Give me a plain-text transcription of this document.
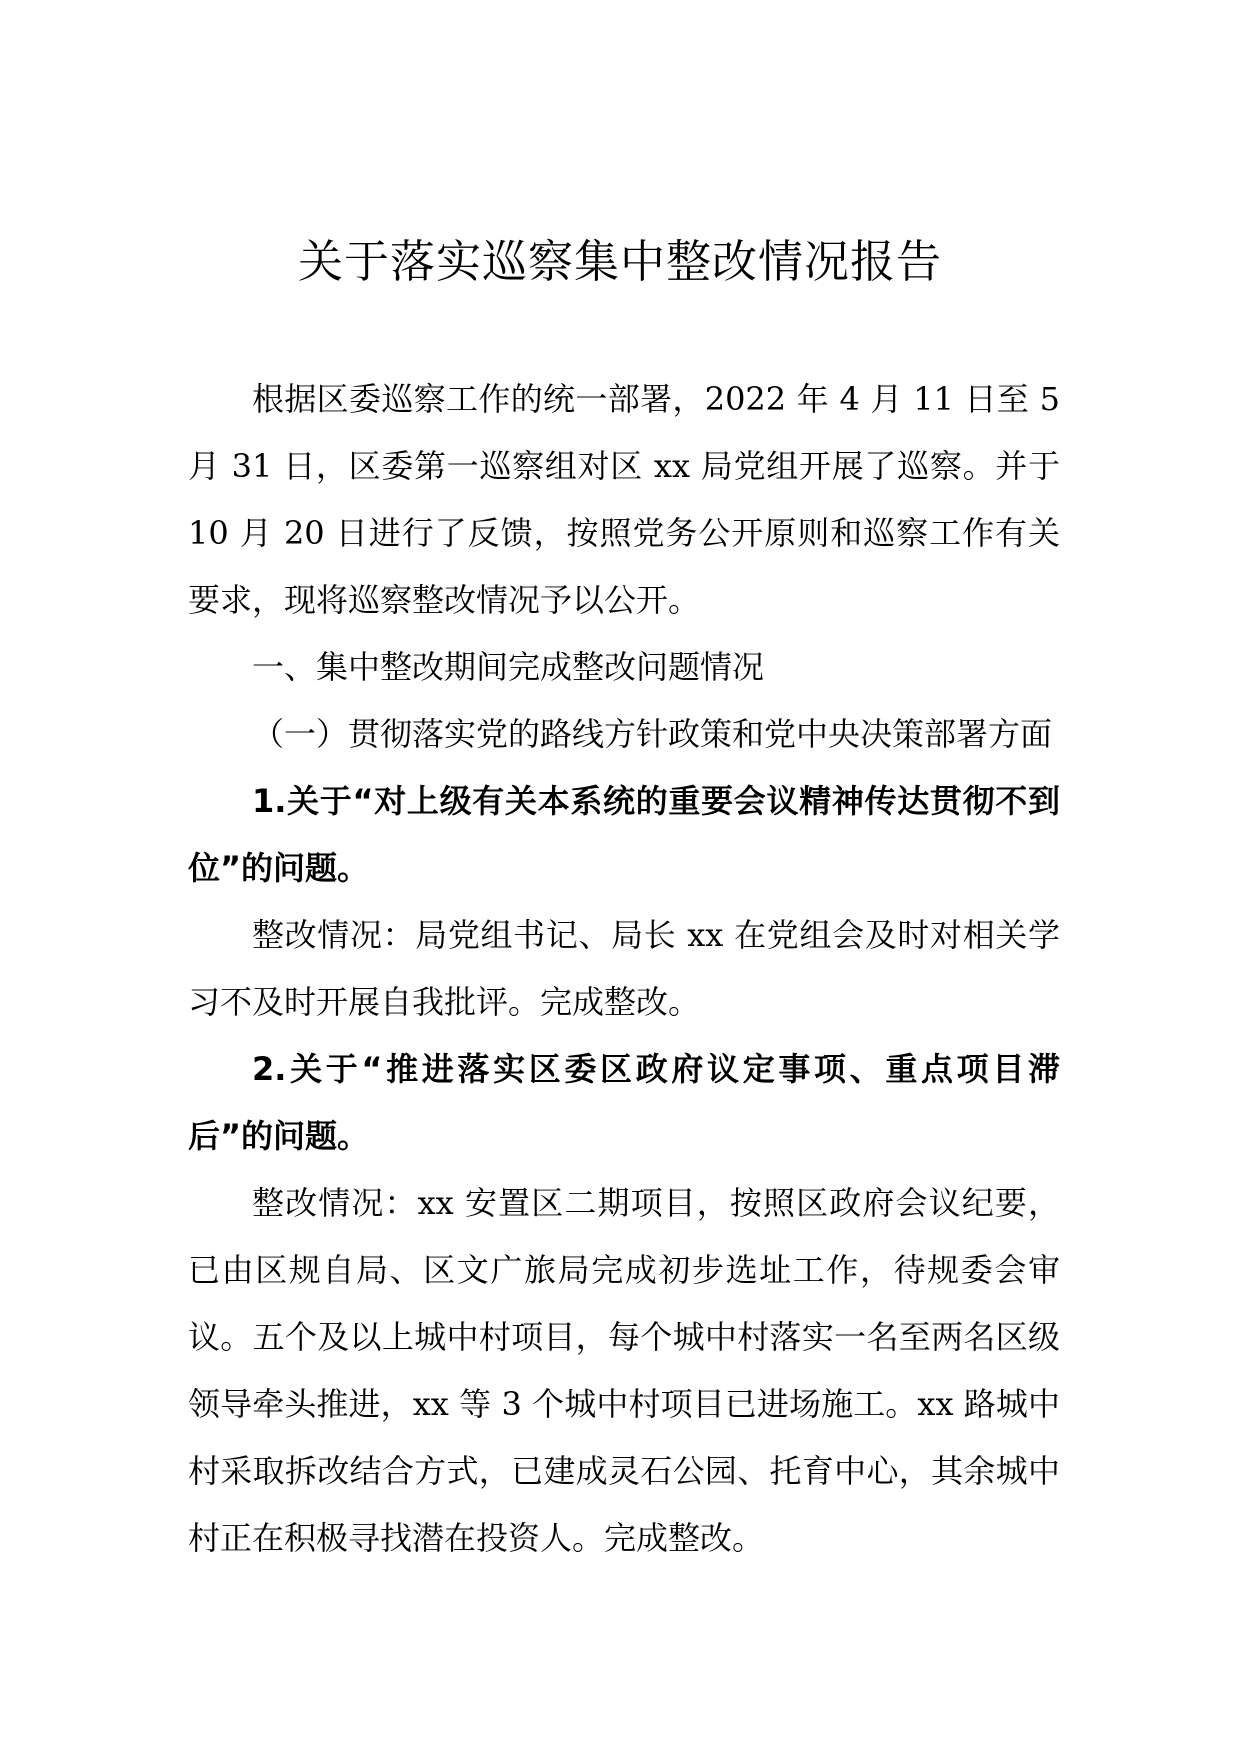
关于落实巡察集中整改情况报告

根据区委巡察工作的统一部署，2022 年 4 月 11 日至 5 月 31 日，区委第一巡察组对区 xx 局党组开展了巡察。并于 10 月 20 日进行了反馈，按照党务公开原则和巡察工作有关要求，现将巡察整改情况予以公开。

一、集中整改期间完成整改问题情况

（一）贯彻落实党的路线方针政策和党中央决策部署方面

1.关于“对上级有关本系统的重要会议精神传达贯彻不到位”的问题。

整改情况：局党组书记、局长 xx 在党组会及时对相关学习不及时开展自我批评。完成整改。

2.关于“推进落实区委区政府议定事项、重点项目滞后”的问题。

整改情况：xx 安置区二期项目，按照区政府会议纪要，已由区规自局、区文广旅局完成初步选址工作，待规委会审议。五个及以上城中村项目，每个城中村落实一名至两名区级领导牵头推进，xx 等 3 个城中村项目已进场施工。xx 路城中村采取拆改结合方式，已建成灵石公园、托育中心，其余城中村正在积极寻找潜在投资人。完成整改。
